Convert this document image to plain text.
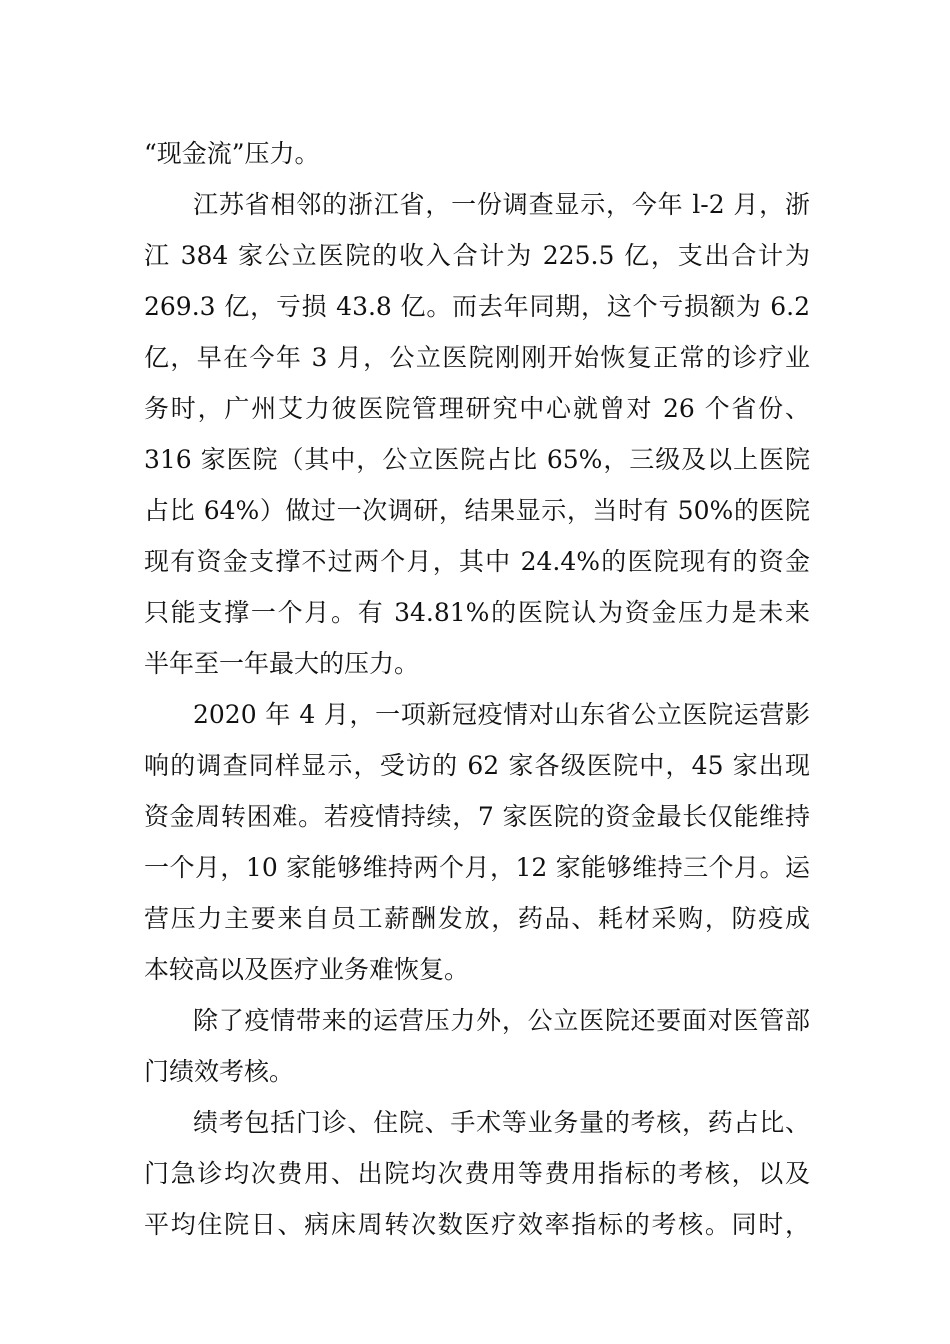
“现金流”压力。

江苏省相邻的浙江省，一份调查显示，今年 l-2 月，浙
江 384 家公立医院的收入合计为 225.5 亿，支出合计为
269.3 亿，亏损 43.8 亿。而去年同期，这个亏损额为 6.2
亿，早在今年 3 月，公立医院刚刚开始恢复正常的诊疗业
务时，广州艾力彼医院管理研究中心就曾对 26 个省份、
316 家医院（其中，公立医院占比 65%，三级及以上医院
占比 64%）做过一次调研，结果显示，当时有 50%的医院
现有资金支撑不过两个月，其中 24.4%的医院现有的资金
只能支撑一个月。有 34.81%的医院认为资金压力是未来
半年至一年最大的压力。

2020 年 4 月，一项新冠疫情对山东省公立医院运营影
响的调查同样显示，受访的 62 家各级医院中，45 家出现
资金周转困难。若疫情持续，7 家医院的资金最长仅能维持
一个月，10 家能够维持两个月，12 家能够维持三个月。运
营压力主要来自员工薪酬发放，药品、耗材采购，防疫成
本较高以及医疗业务难恢复。

除了疫情带来的运营压力外，公立医院还要面对医管部
门绩效考核。

绩考包括门诊、住院、手术等业务量的考核，药占比、
门急诊均次费用、出院均次费用等费用指标的考核，以及
平均住院日、病床周转次数医疗效率指标的考核。同时，
